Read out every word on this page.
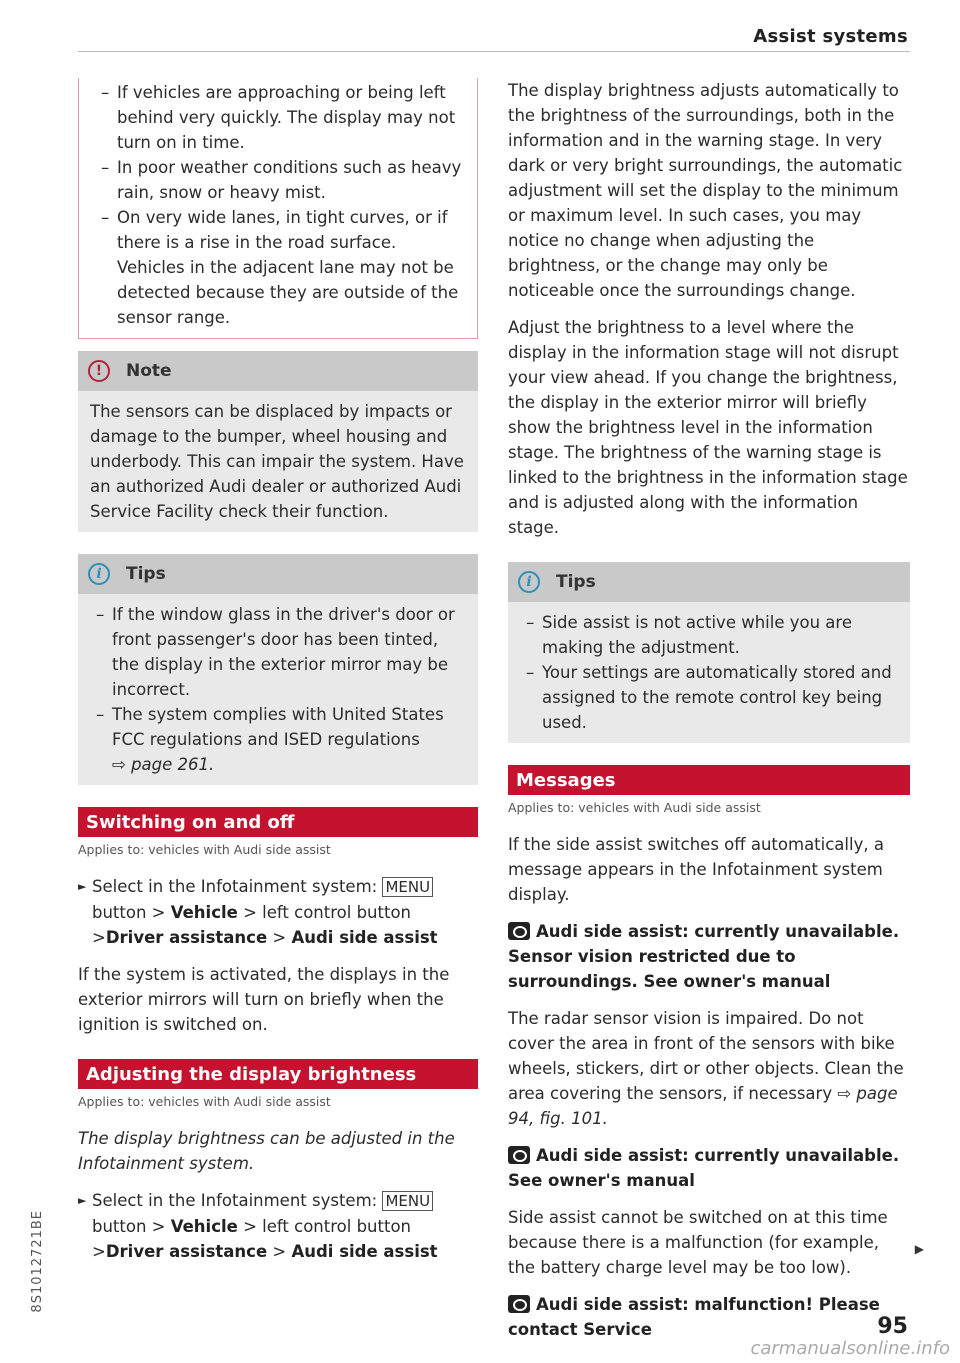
Assist systems
– If vehicles are approaching or being left behind very quickly. The display may not turn on in time.
– In poor weather conditions such as heavy rain, snow or heavy mist.
– On very wide lanes, in tight curves, or if there is a rise in the road surface. Vehicles in the adjacent lane may not be detected because they are outside of the sensor range.
!	Note
The sensors can be displaced by impacts or damage to the bumper, wheel housing and underbody. This can impair the system. Have an authorized Audi dealer or authorized Audi Service Facility check their function.
i	Tips
– If the window glass in the driver's door or front passenger's door has been tinted, the display in the exterior mirror may be incorrect.
– The system complies with United States FCC regulations and ISED regulations
⇨ page 261.
Switching on and off
Applies to: vehicles with Audi side assist

► Select in the Infotainment system: MENU button > Vehicle > left control button >Driver assistance > Audi side assist

If the system is activated, the displays in the exterior mirrors will turn on briefly when the ignition is switched on.

Adjusting the display brightness
Applies to: vehicles with Audi side assist

The display brightness can be adjusted in the Infotainment system.

► Select in the Infotainment system: MENU button > Vehicle > left control button >Driver assistance > Audi side assist

The display brightness adjusts automatically to the brightness of the surroundings, both in the information and in the warning stage. In very dark or very bright surroundings, the automatic adjustment will set the display to the minimum or maximum level. In such cases, you may notice no change when adjusting the brightness, or the change may only be noticeable once the surroundings change.

Adjust the brightness to a level where the display in the information stage will not disrupt your view ahead. If you change the brightness, the display in the exterior mirror will briefly show the brightness level in the information stage. The brightness of the warning stage is linked to the brightness in the information stage and is adjusted along with the information stage.

i	Tips
– Side assist is not active while you are making the adjustment.
– Your settings are automatically stored and assigned to the remote control key being used.
Messages
Applies to: vehicles with Audi side assist

If the side assist switches off automatically, a message appears in the Infotainment system display.

Audi side assist: currently unavailable. Sensor vision restricted due to surroundings. See owner's manual

The radar sensor vision is impaired. Do not cover the area in front of the sensors with bike wheels, stickers, dirt or other objects. Clean the area covering the sensors, if necessary ⇨ page 94, fig. 101.

Audi side assist: currently unavailable. See owner's manual

Side assist cannot be switched on at this time because there is a malfunction (for example, the battery charge level may be too low).

Audi side assist: malfunction! Please contact Service
▶
95
8S1012721BE
carmanualsonline.info
